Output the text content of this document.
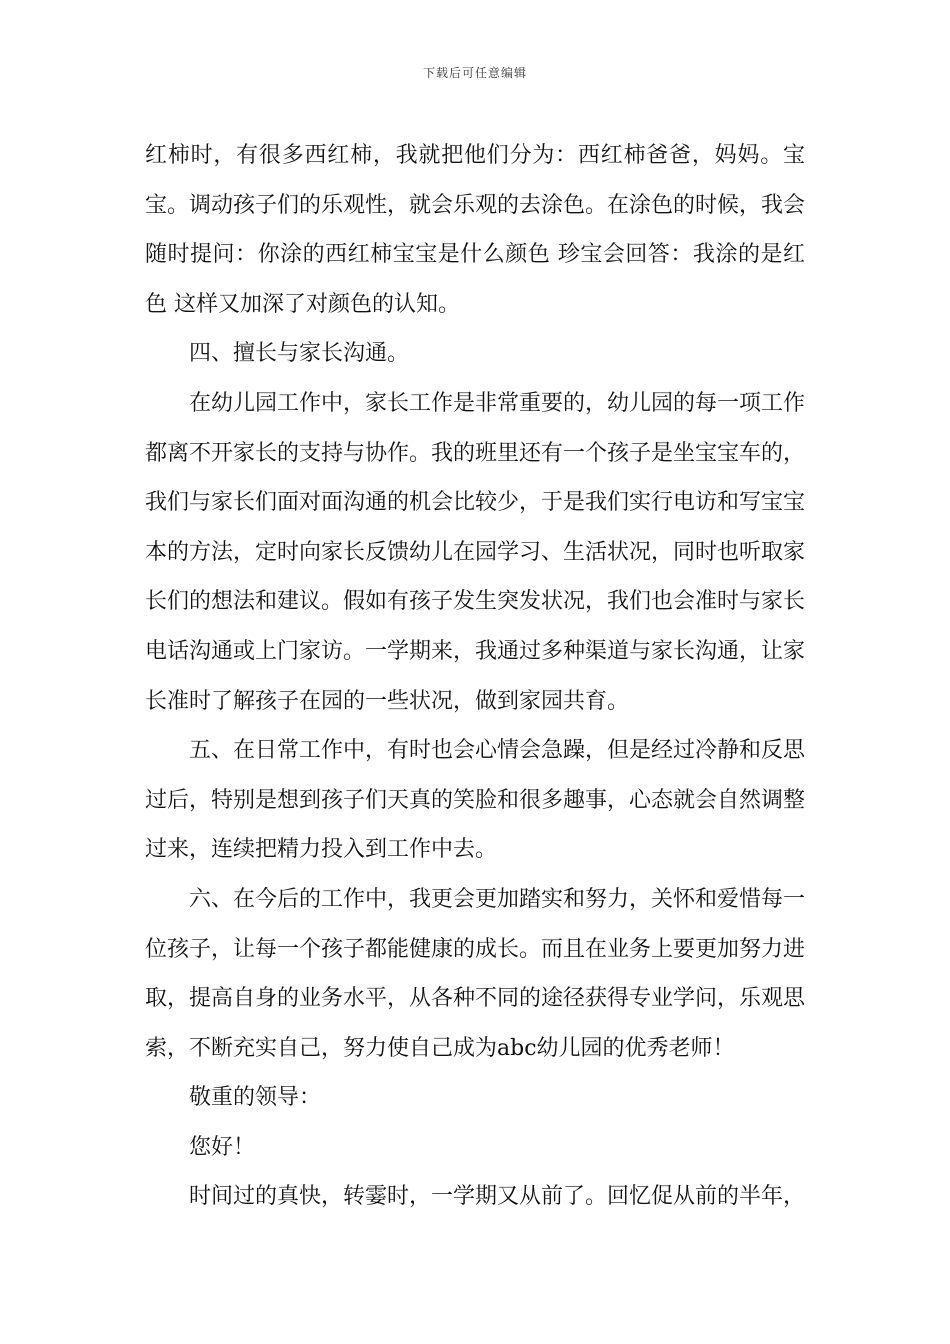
下载后可任意编辑

红柿时，有很多西红柿，我就把他们分为：西红柿爸爸，妈妈。宝宝。调动孩子们的乐观性，就会乐观的去涂色。在涂色的时候，我会随时提问：你涂的西红柿宝宝是什么颜色 珍宝会回答：我涂的是红色 这样又加深了对颜色的认知。

四、擅长与家长沟通。

在幼儿园工作中，家长工作是非常重要的，幼儿园的每一项工作都离不开家长的支持与协作。我的班里还有一个孩子是坐宝宝车的，我们与家长们面对面沟通的机会比较少，于是我们实行电访和写宝宝本的方法，定时向家长反馈幼儿在园学习、生活状况，同时也听取家长们的想法和建议。假如有孩子发生突发状况，我们也会准时与家长电话沟通或上门家访。一学期来，我通过多种渠道与家长沟通，让家长准时了解孩子在园的一些状况，做到家园共育。

五、在日常工作中，有时也会心情会急躁，但是经过冷静和反思过后，特别是想到孩子们天真的笑脸和很多趣事，心态就会自然调整过来，连续把精力投入到工作中去。

六、在今后的工作中，我更会更加踏实和努力，关怀和爱惜每一位孩子，让每一个孩子都能健康的成长。而且在业务上要更加努力进取，提高自身的业务水平，从各种不同的途径获得专业学问，乐观思索，不断充实自己，努力使自己成为abc幼儿园的优秀老师！

敬重的领导：

您好！

时间过的真快，转霎时，一学期又从前了。回忆促从前的半年，
